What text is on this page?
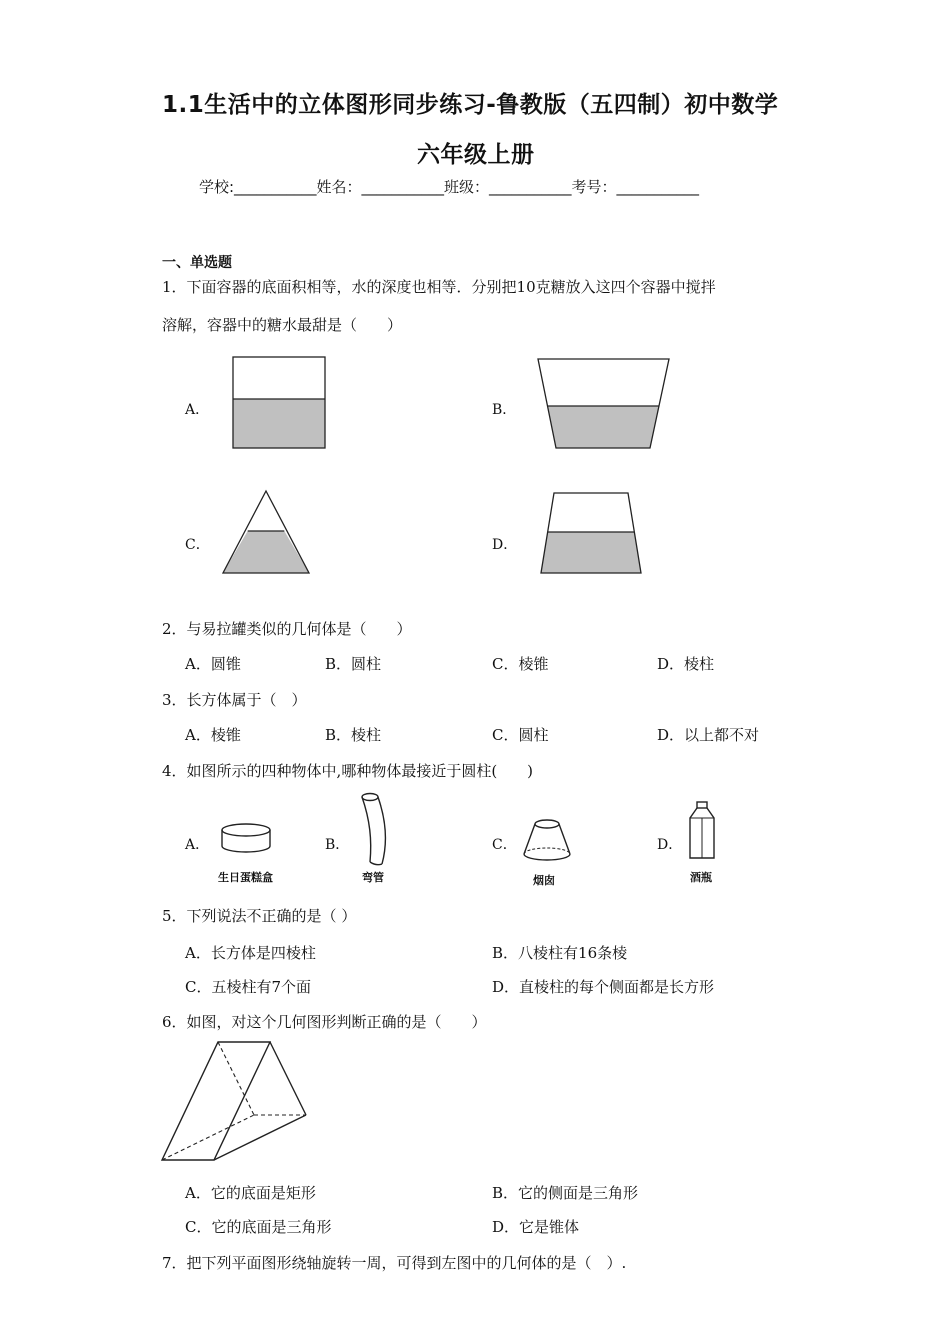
1.1生活中的立体图形同步练习-鲁教版（五四制）初中数学
六年级上册
学校:___________姓名：___________班级：___________考号：___________
一、单选题
1．下面容器的底面积相等，水的深度也相等．分别把10克糖放入这四个容器中搅拌
溶解，容器中的糖水最甜是（　　）
A．	B．
C．	D．
2．与易拉罐类似的几何体是（　　）
A．圆锥	B．圆柱	C．棱锥	D．棱柱
3．长方体属于（　）
A．棱锥	B．棱柱	C．圆柱	D．以上都不对
4．如图所示的四种物体中,哪种物体最接近于圆柱(　　)
A．
生日蛋糕盒
B．
弯管
C．
烟囱
D．
酒瓶
5．下列说法不正确的是（ ）
A．长方体是四棱柱	B．八棱柱有16条棱
C．五棱柱有7个面	D．直棱柱的每个侧面都是长方形
6．如图，对这个几何图形判断正确的是（　　）
A．它的底面是矩形	B．它的侧面是三角形
C．它的底面是三角形	D．它是锥体
7．把下列平面图形绕轴旋转一周，可得到左图中的几何体的是（　）.
